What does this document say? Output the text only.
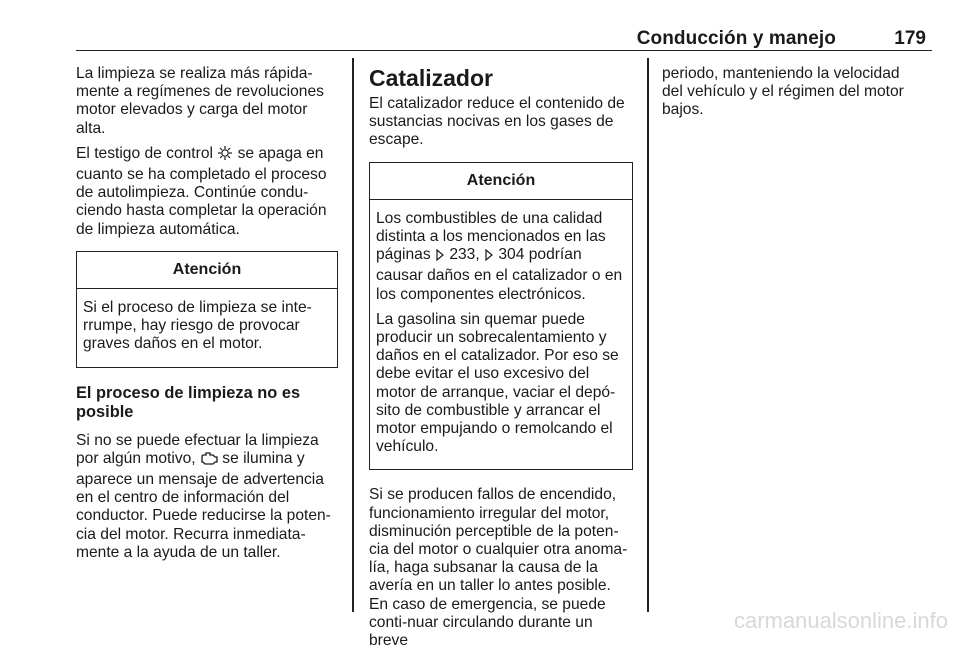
Conducción y manejo	179

La limpieza se realiza más rápida-mente a regímenes de revoluciones motor elevados y carga del motor alta.

El testigo de control  se apaga en cuanto se ha completado el proceso de autolimpieza. Continúe condu-ciendo hasta completar la operación de limpieza automática.

Atención

Si el proceso de limpieza se inte-rrumpe, hay riesgo de provocar graves daños en el motor.

El proceso de limpieza no es posible

Si no se puede efectuar la limpieza por algún motivo,  se ilumina y aparece un mensaje de advertencia en el centro de información del conductor. Puede reducirse la poten-cia del motor. Recurra inmediata-mente a la ayuda de un taller.

Catalizador

El catalizador reduce el contenido de sustancias nocivas en los gases de escape.

Atención

Los combustibles de una calidad distinta a los mencionados en las páginas  233,  304 podrían causar daños en el catalizador o en los componentes electrónicos.

La gasolina sin quemar puede producir un sobrecalentamiento y daños en el catalizador. Por eso se debe evitar el uso excesivo del motor de arranque, vaciar el depó-sito de combustible y arrancar el motor empujando o remolcando el vehículo.

Si se producen fallos de encendido, funcionamiento irregular del motor, disminución perceptible de la poten-cia del motor o cualquier otra anoma-lía, haga subsanar la causa de la avería en un taller lo antes posible. En caso de emergencia, se puede conti-nuar circulando durante un breve

periodo, manteniendo la velocidad del vehículo y el régimen del motor bajos.

carmanualsonline.info
